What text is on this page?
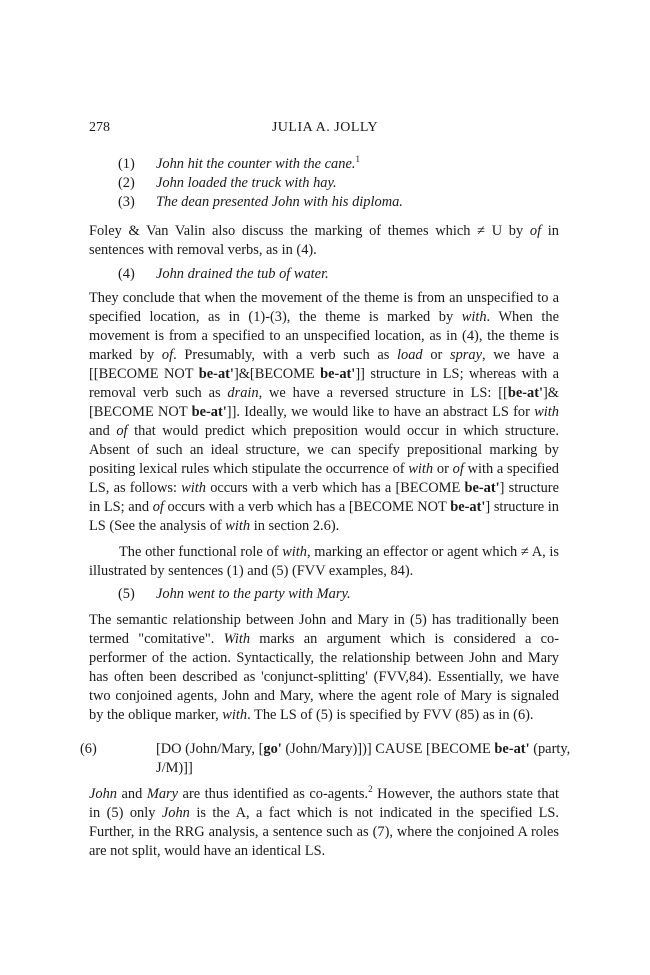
278	JULIA A. JOLLY
(1) John hit the counter with the cane.$^1$
(2) John loaded the truck with hay.
(3) The dean presented John with his diploma.
Foley & Van Valin also discuss the marking of themes which ≠ U by of in sentences with removal verbs, as in (4).
(4) John drained the tub of water.
They conclude that when the movement of the theme is from an unspecified to a specified location, as in (1)-(3), the theme is marked by with. When the movement is from a specified to an unspecified location, as in (4), the theme is marked by of. Presumably, with a verb such as load or spray, we have a [[BECOME NOT be-at']&[BECOME be-at']] structure in LS; whereas with a removal verb such as drain, we have a reversed structure in LS: [[be-at']&[BECOME NOT be-at']]. Ideally, we would like to have an abstract LS for with and of that would predict which preposition would occur in which structure. Absent of such an ideal structure, we can specify prepositional marking by positing lexical rules which stipulate the occurrence of with or of with a specified LS, as follows: with occurs with a verb which has a [BECOME be-at'] structure in LS; and of occurs with a verb which has a [BECOME NOT be-at'] structure in LS (See the analysis of with in section 2.6).
The other functional role of with, marking an effector or agent which ≠ A, is illustrated by sentences (1) and (5) (FVV examples, 84).
(5) John went to the party with Mary.
The semantic relationship between John and Mary in (5) has traditionally been termed "comitative". With marks an argument which is considered a co-performer of the action. Syntactically, the relationship between John and Mary has often been described as 'conjunct-splitting' (FVV,84). Essentially, we have two conjoined agents, John and Mary, where the agent role of Mary is signaled by the oblique marker, with. The LS of (5) is specified by FVV (85) as in (6).
(6)	[DO (John/Mary, [go' (John/Mary)])] CAUSE [BECOME be-at' (party, J/M)]]
John and Mary are thus identified as co-agents.$^2$ However, the authors state that in (5) only John is the A, a fact which is not indicated in the specified LS. Further, in the RRG analysis, a sentence such as (7), where the conjoined A roles are not split, would have an identical LS.
